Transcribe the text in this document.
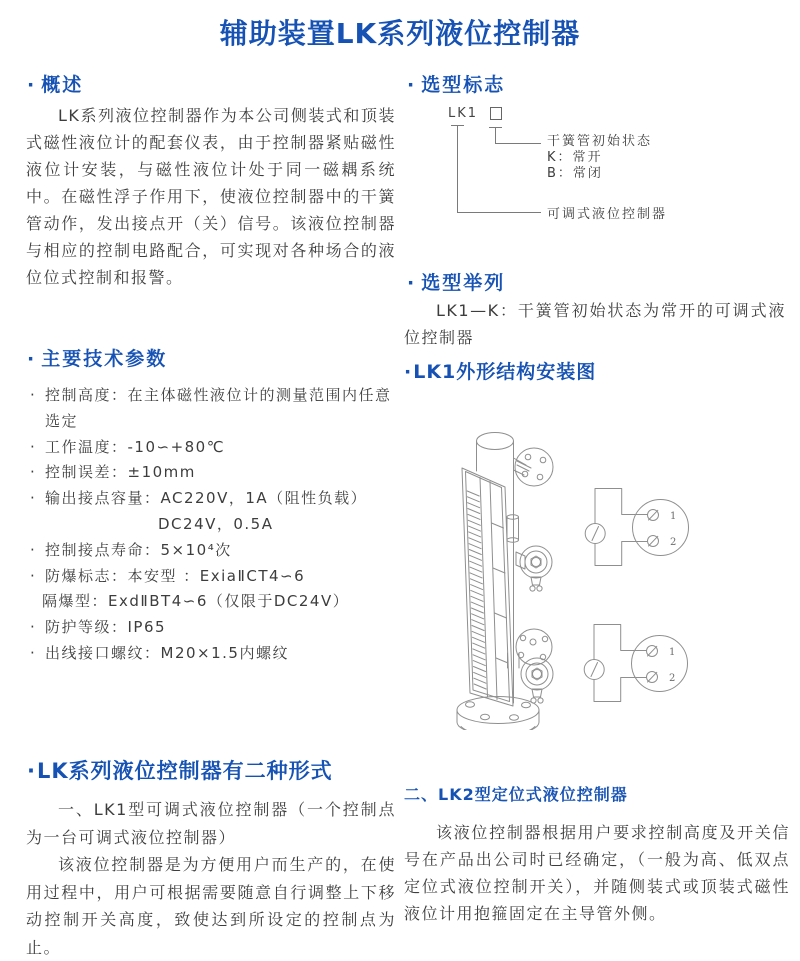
辅助装置LK系列液位控制器
· 概述

LK系列液位控制器作为本公司侧装式和顶装式磁性液位计的配套仪表，由于控制器紧贴磁性液位计安装，与磁性液位计处于同一磁耦系统中。在磁性浮子作用下，使液位控制器中的干簧管动作，发出接点开（关）信号。该液位控制器与相应的控制电路配合，可实现对各种场合的液位位式控制和报警。

· 主要技术参数
· 控制高度：在主体磁性液位计的测量范围内任意选定
· 工作温度：-10∽+80℃
· 控制误差：±10mm
· 输出接点容量：AC220V，1A（阻性负载）
DC24V，0.5A
· 控制接点寿命：5×10⁴次
· 防爆标志：本安型 ：ExiaⅡCT4∽6
隔爆型：ExdⅡBT4∽6（仅限于DC24V）
· 防护等级：IP65
· 出线接口螺纹：M20×1.5内螺纹
· LK系列液位控制器有二种形式

一、LK1型可调式液位控制器（一个控制点为一台可调式液位控制器）

该液位控制器是为方便用户而生产的，在使用过程中，用户可根据需要随意自行调整上下移动控制开关高度，致使达到所设定的控制点为止。

· 选型标志
LK1
干簧管初始状态
K：常开
B：常闭
可调式液位控制器
· 选型举列

LK1—K：干簧管初始状态为常开的可调式液位控制器

· LK1外形结构安装图
1
2
二、LK2型定位式液位控制器

该液位控制器根据用户要求控制高度及开关信号在产品出公司时已经确定，（一般为高、低双点定位式液位控制开关），并随侧装式或顶装式磁性液位计用抱箍固定在主导管外侧。
